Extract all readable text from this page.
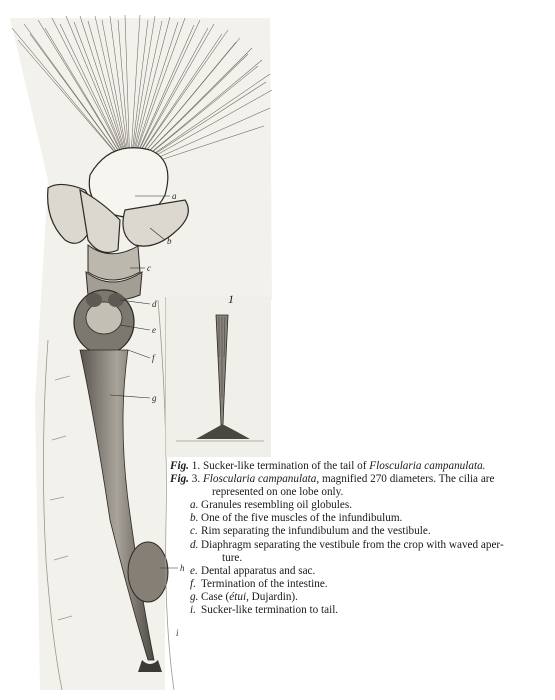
a
b
c
d
e
f
g
h
i
1
Fig. 1. Sucker-like termination of the tail of Floscularia campanulata.
Fig. 3. Floscularia campanulata, magnified 270 diameters. The cilia are
represented on one lobe only.
a. Granules resembling oil globules.
b. One of the five muscles of the infundibulum.
c. Rim separating the infundibulum and the vestibule.
d. Diaphragm separating the vestibule from the crop with waved aper-
ture.
e. Dental apparatus and sac.
f. Termination of the intestine.
g. Case (étui, Dujardin).
i. Sucker-like termination to tail.
